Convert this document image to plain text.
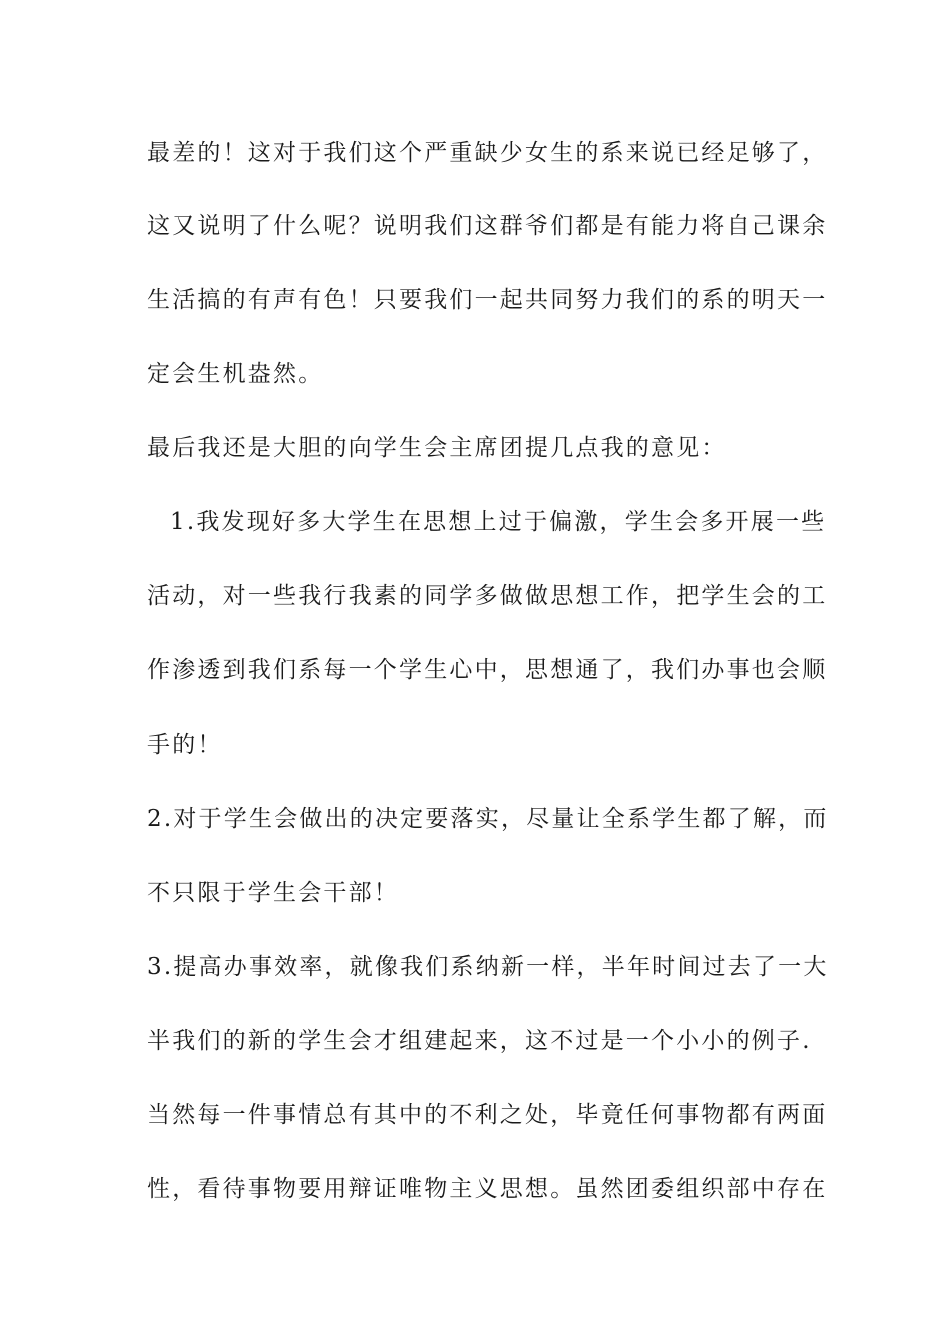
最差的！这对于我们这个严重缺少女生的系来说已经足够了，
这又说明了什么呢？说明我们这群爷们都是有能力将自己课余
生活搞的有声有色！只要我们一起共同努力我们的系的明天一
定会生机盎然。
最后我还是大胆的向学生会主席团提几点我的意见：
1.我发现好多大学生在思想上过于偏激，学生会多开展一些
活动，对一些我行我素的同学多做做思想工作，把学生会的工
作渗透到我们系每一个学生心中，思想通了，我们办事也会顺
手的！
2.对于学生会做出的决定要落实，尽量让全系学生都了解，而
不只限于学生会干部！
3.提高办事效率，就像我们系纳新一样，半年时间过去了一大
半我们的新的学生会才组建起来，这不过是一个小小的例子.
当然每一件事情总有其中的不利之处，毕竟任何事物都有两面
性，看待事物要用辩证唯物主义思想。虽然团委组织部中存在
